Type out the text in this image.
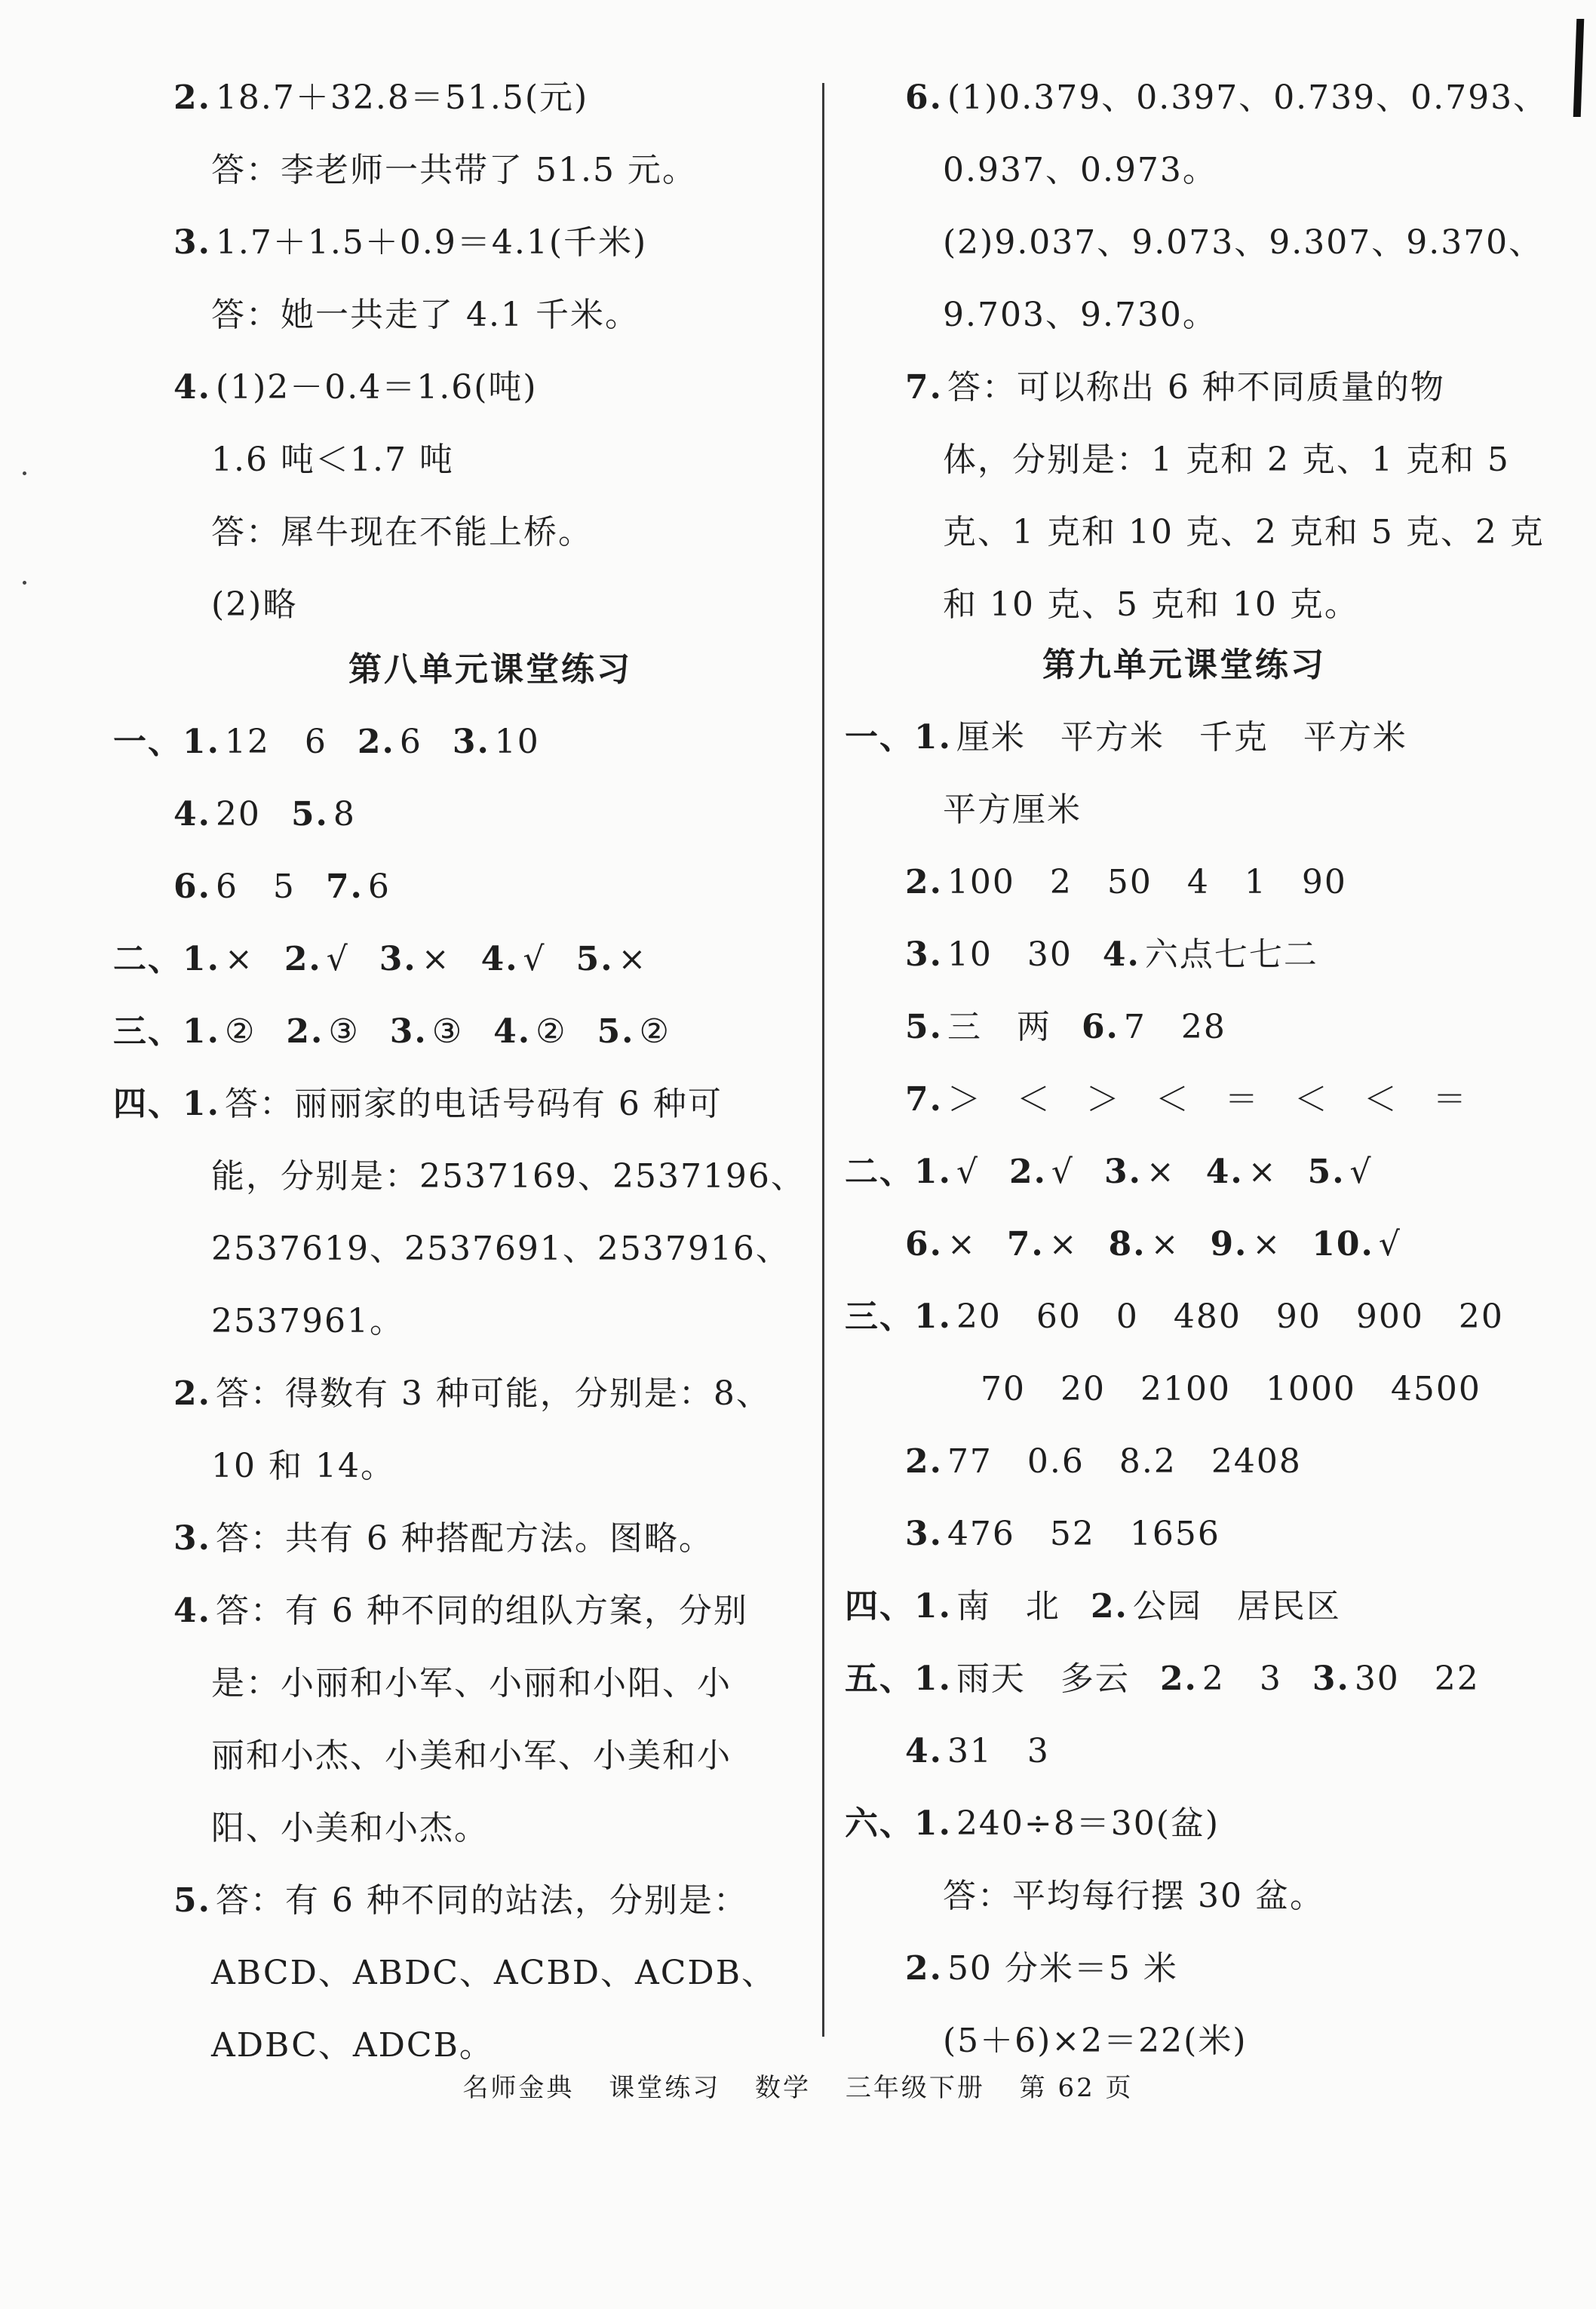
2. 18.7＋32.8＝51.5(元)
答：李老师一共带了 51.5 元。
3. 1.7＋1.5＋0.9＝4.1(千米)
答：她一共走了 4.1 千米。
4. (1)2－0.4＝1.6(吨)
1.6 吨＜1.7 吨
答：犀牛现在不能上桥。
(2)略
第八单元课堂练习
一、1. 12　6 2. 6 3. 10
4. 20 5. 8
6. 6　5 7. 6
二、1. × 2. √ 3. × 4. √ 5. ×
三、1. ② 2. ③ 3. ③ 4. ② 5. ②
四、1. 答：丽丽家的电话号码有 6 种可
能，分别是：2537169、2537196、
2537619、2537691、2537916、
2537961。
2. 答：得数有 3 种可能，分别是：8、
10 和 14。
3. 答：共有 6 种搭配方法。图略。
4. 答：有 6 种不同的组队方案，分别
是：小丽和小军、小丽和小阳、小
丽和小杰、小美和小军、小美和小
阳、小美和小杰。
5. 答：有 6 种不同的站法，分别是：
ABCD、ABDC、ACBD、ACDB、
ADBC、ADCB。
6. (1)0.379、0.397、0.739、0.793、
0.937、0.973。
(2)9.037、9.073、9.307、9.370、
9.703、9.730。
7. 答：可以称出 6 种不同质量的物
体，分别是：1 克和 2 克、1 克和 5
克、1 克和 10 克、2 克和 5 克、2 克
和 10 克、5 克和 10 克。
第九单元课堂练习
一、1. 厘米　平方米　千克　平方米
平方厘米
2. 100　2　50　4　1　90
3. 10　30 4. 六点七七二
5. 三　两 6. 7　28
7. ＞　＜　＞　＜　＝　＜　＜　＝
二、1. √ 2. √ 3. × 4. × 5. √
6. × 7. × 8. × 9. × 10. √
三、1. 20　60　0　480　90　900　20
70　20　2100　1000　4500
2. 77　0.6　8.2　2408
3. 476　52　1656
四、1. 南　北 2. 公园　居民区
五、1. 雨天　多云 2. 2　3 3. 30　22
4. 31　3
六、1. 240÷8＝30(盆)
答：平均每行摆 30 盆。
2. 50 分米＝5 米
(5＋6)×2＝22(米)
名师金典 课堂练习 数学 三年级下册 第 62 页
